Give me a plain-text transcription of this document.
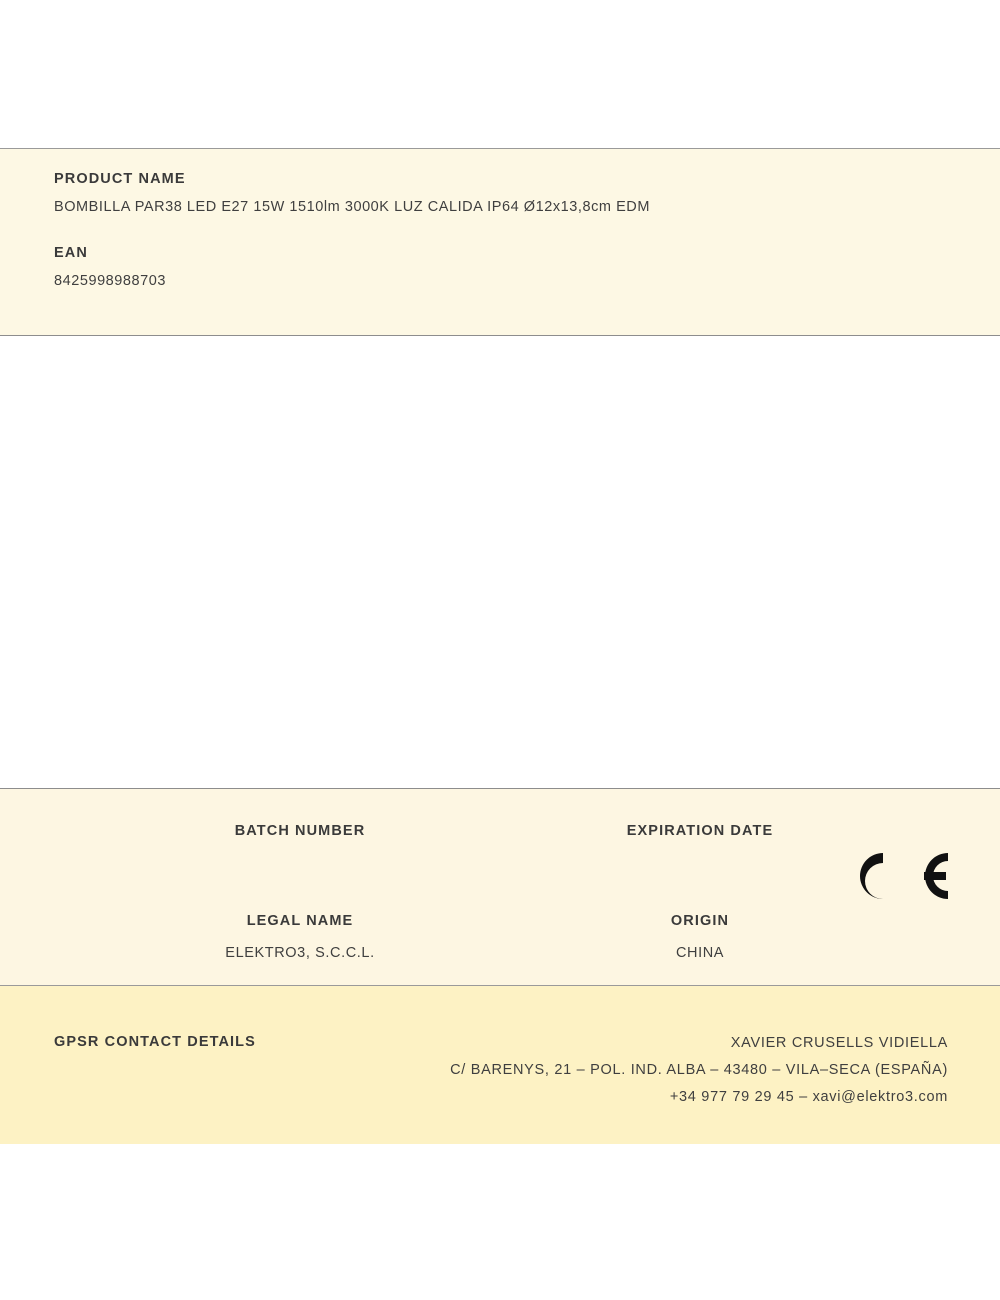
PRODUCT NAME
BOMBILLA PAR38 LED E27 15W 1510lm 3000K LUZ CALIDA IP64 Ø12x13,8cm EDM
EAN
8425998988703
BATCH NUMBER	EXPIRATION DATE
LEGAL NAME
ELEKTRO3, S.C.C.L.
ORIGIN
CHINA
GPSR CONTACT DETAILS	XAVIER CRUSELLS VIDIELLA
C/ BARENYS, 21 – POL. IND. ALBA – 43480 – VILA–SECA (ESPAÑA)
+34 977 79 29 45 – xavi@elektro3.com
